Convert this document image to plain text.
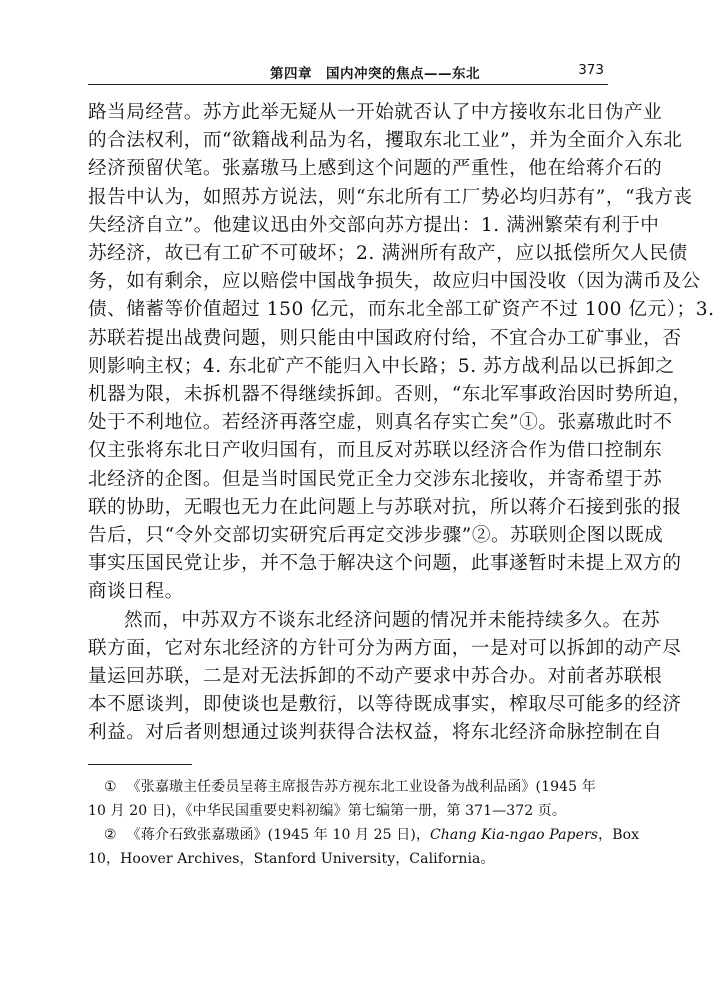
第四章　国内冲突的焦点——东北	373
路当局经营。苏方此举无疑从一开始就否认了中方接收东北日伪产业
的合法权利，而“欲籍战利品为名，攫取东北工业”，并为全面介入东北
经济预留伏笔。张嘉璈马上感到这个问题的严重性，他在给蒋介石的
报告中认为，如照苏方说法，则“东北所有工厂势必均归苏有”，“我方丧
失经济自立”。他建议迅由外交部向苏方提出：1. 满洲繁荣有利于中
苏经济，故已有工矿不可破坏；2. 满洲所有敌产，应以抵偿所欠人民债
务，如有剩余，应以赔偿中国战争损失，故应归中国没收（因为满币及公
债、储蓄等价值超过 150 亿元，而东北全部工矿资产不过 100 亿元）；3.
苏联若提出战费问题，则只能由中国政府付给，不宜合办工矿事业，否
则影响主权；4. 东北矿产不能归入中长路；5. 苏方战利品以已拆卸之
机器为限，未拆机器不得继续拆卸。否则，“东北军事政治因时势所迫，
处于不利地位。若经济再落空虚，则真名存实亡矣”①。张嘉璈此时不
仅主张将东北日产收归国有，而且反对苏联以经济合作为借口控制东
北经济的企图。但是当时国民党正全力交涉东北接收，并寄希望于苏
联的协助，无暇也无力在此问题上与苏联对抗，所以蒋介石接到张的报
告后，只“令外交部切实研究后再定交涉步骤”②。苏联则企图以既成
事实压国民党让步，并不急于解决这个问题，此事遂暂时未提上双方的
商谈日程。
然而，中苏双方不谈东北经济问题的情况并未能持续多久。在苏
联方面，它对东北经济的方针可分为两方面，一是对可以拆卸的动产尽
量运回苏联，二是对无法拆卸的不动产要求中苏合办。对前者苏联根
本不愿谈判，即使谈也是敷衍，以等待既成事实，榨取尽可能多的经济
利益。对后者则想通过谈判获得合法权益，将东北经济命脉控制在自
① 《张嘉璈主任委员呈蒋主席报告苏方视东北工业设备为战利品函》(1945 年
10 月 20 日)，《中华民国重要史料初编》第七编第一册，第 371—372 页。
② 《蒋介石致张嘉璈函》(1945 年 10 月 25 日)，Chang Kia‑ngao Papers，Box
10，Hoover Archives，Stanford University，California。
